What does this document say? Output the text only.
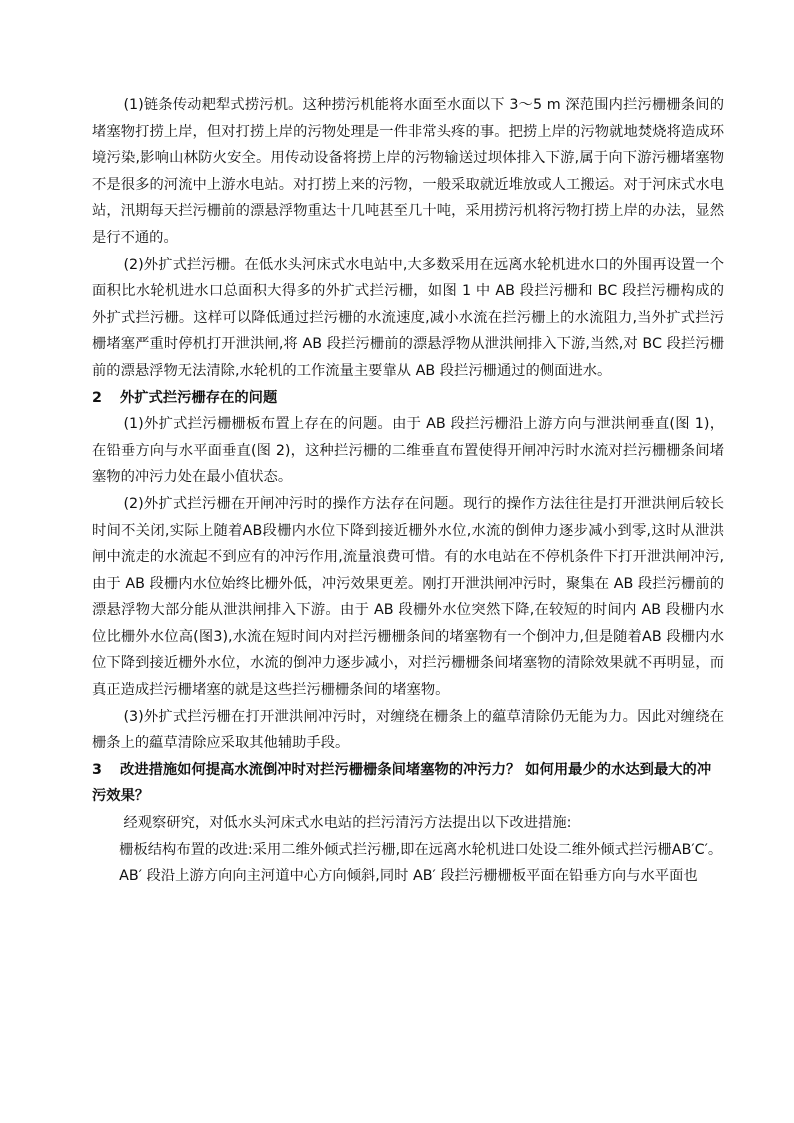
(1)链条传动耙犁式捞污机。这种捞污机能将水面至水面以下 3～5 m 深范围内拦污栅栅条间的堵塞物打捞上岸，但对打捞上岸的污物处理是一件非常头疼的事。把捞上岸的污物就地焚烧将造成环境污染,影响山林防火安全。用传动设备将捞上岸的污物输送过坝体排入下游,属于向下游污栅堵塞物不是很多的河流中上游水电站。对打捞上来的污物，一般采取就近堆放或人工搬运。对于河床式水电站，汛期每天拦污栅前的漂悬浮物重达十几吨甚至几十吨，采用捞污机将污物打捞上岸的办法，显然是行不通的。

(2)外扩式拦污栅。在低水头河床式水电站中,大多数采用在远离水轮机进水口的外围再设置一个面积比水轮机进水口总面积大得多的外扩式拦污栅，如图 1 中 AB 段拦污栅和 BC 段拦污栅构成的外扩式拦污栅。这样可以降低通过拦污栅的水流速度,减小水流在拦污栅上的水流阻力,当外扩式拦污栅堵塞严重时停机打开泄洪闸,将 AB 段拦污栅前的漂悬浮物从泄洪闸排入下游,当然,对 BC 段拦污栅前的漂悬浮物无法清除,水轮机的工作流量主要靠从 AB 段拦污栅通过的侧面进水。

2 外扩式拦污栅存在的问题

(1)外扩式拦污栅栅板布置上存在的问题。由于 AB 段拦污栅沿上游方向与泄洪闸垂直(图 1)，在铅垂方向与水平面垂直(图 2)，这种拦污栅的二维垂直布置使得开闸冲污时水流对拦污栅栅条间堵塞物的冲污力处在最小值状态。

(2)外扩式拦污栅在开闸冲污时的操作方法存在问题。现行的操作方法往往是打开泄洪闸后较长时间不关闭,实际上随着AB段栅内水位下降到接近栅外水位,水流的倒伸力逐步减小到零,这时从泄洪闸中流走的水流起不到应有的冲污作用,流量浪费可惜。有的水电站在不停机条件下打开泄洪闸冲污,由于 AB 段栅内水位始终比栅外低，冲污效果更差。刚打开泄洪闸冲污时，聚集在 AB 段拦污栅前的漂悬浮物大部分能从泄洪闸排入下游。由于 AB 段栅外水位突然下降,在较短的时间内 AB 段栅内水位比栅外水位高(图3),水流在短时间内对拦污栅栅条间的堵塞物有一个倒冲力,但是随着AB 段栅内水位下降到接近栅外水位，水流的倒冲力逐步减小，对拦污栅栅条间堵塞物的清除效果就不再明显，而真正造成拦污栅堵塞的就是这些拦污栅栅条间的堵塞物。

(3)外扩式拦污栅在打开泄洪闸冲污时，对缠绕在栅条上的藴草清除仍无能为力。因此对缠绕在栅条上的藴草清除应采取其他辅助手段。

3 改进措施如何提高水流倒冲时对拦污栅栅条间堵塞物的冲污力？ 如何用最少的水达到最大的冲污效果？

经观察研究，对低水头河床式水电站的拦污清污方法提出以下改进措施:

栅板结构布置的改进:采用二维外倾式拦污栅,即在远离水轮机进口处设二维外倾式拦污栅AB′C′。

AB′ 段沿上游方向向主河道中心方向倾斜,同时 AB′ 段拦污栅栅板平面在铅垂方向与水平面也
